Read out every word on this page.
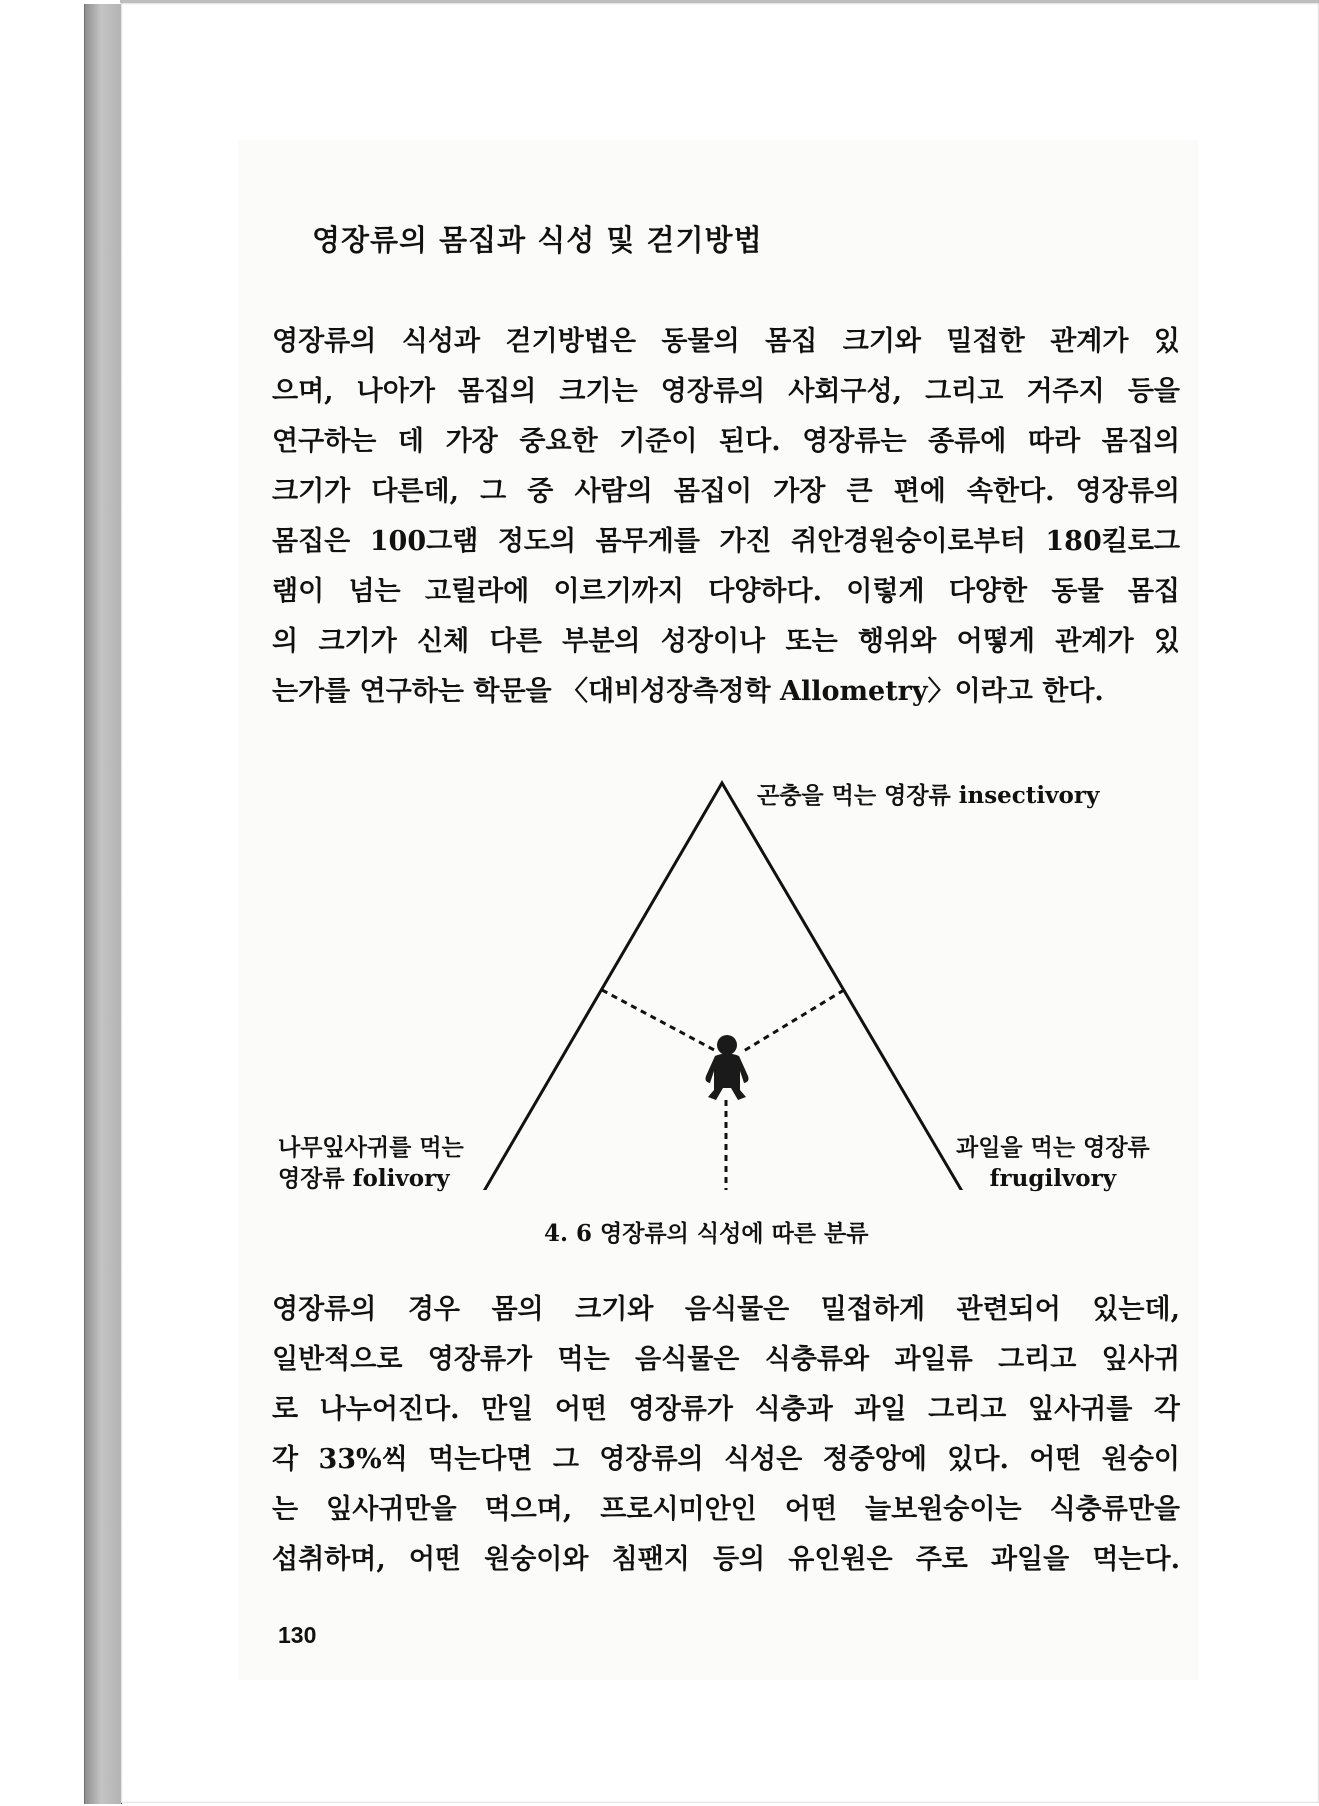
영장류의 몸집과 식성 및 걷기방법
영장류의 식성과 걷기방법은 동물의 몸집 크기와 밀접한 관계가 있
으며, 나아가 몸집의 크기는 영장류의 사회구성, 그리고 거주지 등을
연구하는 데 가장 중요한 기준이 된다. 영장류는 종류에 따라 몸집의
크기가 다른데, 그 중 사람의 몸집이 가장 큰 편에 속한다. 영장류의
몸집은 100그램 정도의 몸무게를 가진 쥐안경원숭이로부터 180킬로그
램이 넘는 고릴라에 이르기까지 다양하다. 이렇게 다양한 동물 몸집
의 크기가 신체 다른 부분의 성장이나 또는 행위와 어떻게 관계가 있
는가를 연구하는 학문을 〈대비성장측정학 Allometry〉이라고 한다.
곤충을 먹는 영장류 insectivory
나무잎사귀를 먹는
영장류 folivory
과일을 먹는 영장류
frugilvory
4. 6 영장류의 식성에 따른 분류
영장류의 경우 몸의 크기와 음식물은 밀접하게 관련되어 있는데,
일반적으로 영장류가 먹는 음식물은 식충류와 과일류 그리고 잎사귀
로 나누어진다. 만일 어떤 영장류가 식충과 과일 그리고 잎사귀를 각
각 33%씩 먹는다면 그 영장류의 식성은 정중앙에 있다. 어떤 원숭이
는 잎사귀만을 먹으며, 프로시미안인 어떤 늘보원숭이는 식충류만을
섭취하며, 어떤 원숭이와 침팬지 등의 유인원은 주로 과일을 먹는다.
130
